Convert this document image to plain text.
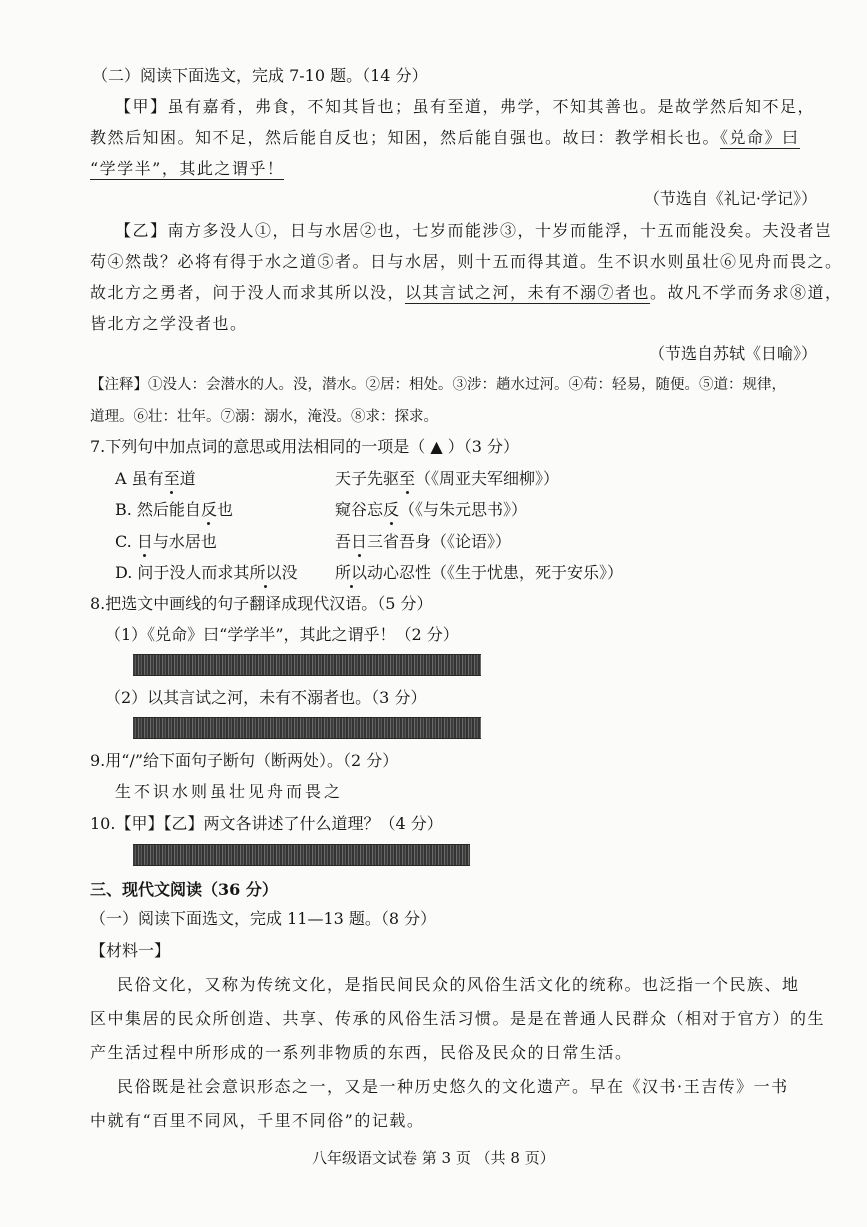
（二）阅读下面选文，完成 7-10 题。（14 分）
【甲】虽有嘉肴，弗食，不知其旨也；虽有至道，弗学，不知其善也。是故学然后知不足，
教然后知困。知不足，然后能自反也；知困，然后能自强也。故曰：教学相长也。《兑命》曰
“学学半”，其此之谓乎！
（节选自《礼记·学记》）
【乙】南方多没人①，日与水居②也，七岁而能涉③，十岁而能浮，十五而能没矣。夫没者岂
苟④然哉？必将有得于水之道⑤者。日与水居，则十五而得其道。生不识水则虽壮⑥见舟而畏之。
故北方之勇者，问于没人而求其所以没，以其言试之河，未有不溺⑦者也。故凡不学而务求⑧道，
皆北方之学没者也。
（节选自苏轼《日喻》）
【注释】①没人：会潜水的人。没，潜水。②居：相处。③涉：趟水过河。④苟：轻易，随便。⑤道：规律，
道理。⑥壮：壮年。⑦溺：溺水，淹没。⑧求：探求。
7.下列句中加点词的意思或用法相同的一项是（ ▲ ）（3 分）
A 虽有至道	天子先驱至（《周亚夫军细柳》）
B. 然后能自反也	窥谷忘反（《与朱元思书》）
C. 日与水居也	吾日三省吾身（《论语》）
D. 问于没人而求其所以没 所以动心忍性（《生于忧患，死于安乐》）
8.把选文中画线的句子翻译成现代汉语。（5 分）
（1）《兑命》曰“学学半”，其此之谓乎！（2 分）
（2）以其言试之河，未有不溺者也。（3 分）
9.用“/”给下面句子断句（断两处）。（2 分）
生不识水则虽壮见舟而畏之
10.【甲】【乙】两文各讲述了什么道理？（4 分）
三、现代文阅读（36 分）
（一）阅读下面选文，完成 11—13 题。（8 分）
【材料一】
民俗文化，又称为传统文化，是指民间民众的风俗生活文化的统称。也泛指一个民族、地
区中集居的民众所创造、共享、传承的风俗生活习惯。是是在普通人民群众（相对于官方）的生
产生活过程中所形成的一系列非物质的东西，民俗及民众的日常生活。
民俗既是社会意识形态之一，又是一种历史悠久的文化遗产。早在《汉书·王吉传》一书
中就有“百里不同风，千里不同俗”的记载。
八年级语文试卷 第 3 页 （共 8 页）
